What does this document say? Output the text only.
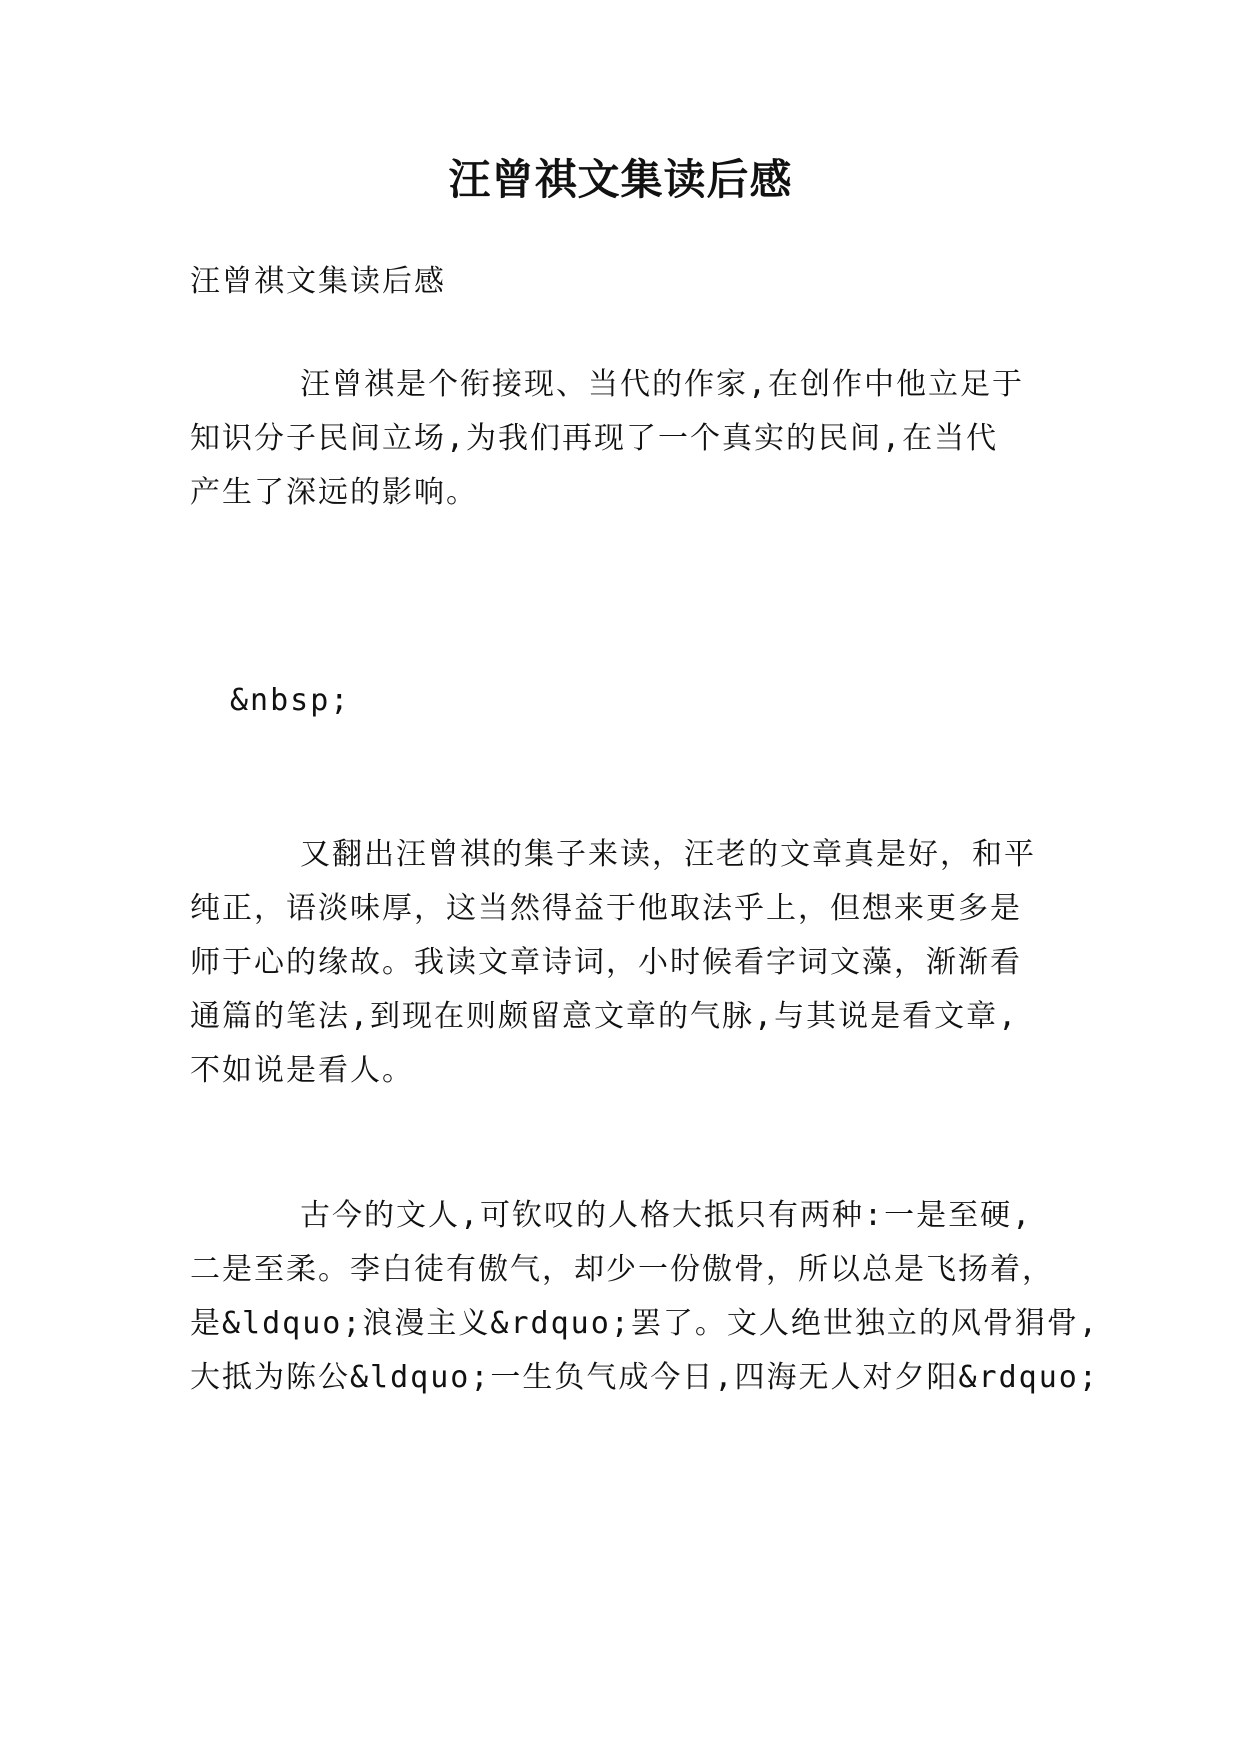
汪曾祺文集读后感
汪曾祺文集读后感
汪曾祺是个衔接现、当代的作家,在创作中他立足于
知识分子民间立场,为我们再现了一个真实的民间,在当代
产生了深远的影响。
&nbsp;
又翻出汪曾祺的集子来读，汪老的文章真是好，和平
纯正，语淡味厚，这当然得益于他取法乎上，但想来更多是
师于心的缘故。我读文章诗词，小时候看字词文藻，渐渐看
通篇的笔法,到现在则颇留意文章的气脉,与其说是看文章,
不如说是看人。
古今的文人,可钦叹的人格大抵只有两种:一是至硬,
二是至柔。李白徒有傲气，却少一份傲骨，所以总是飞扬着，
是&ldquo;浪漫主义&rdquo;罢了。文人绝世独立的风骨狷骨,
大抵为陈公&ldquo;一生负气成今日,四海无人对夕阳&rdquo;
